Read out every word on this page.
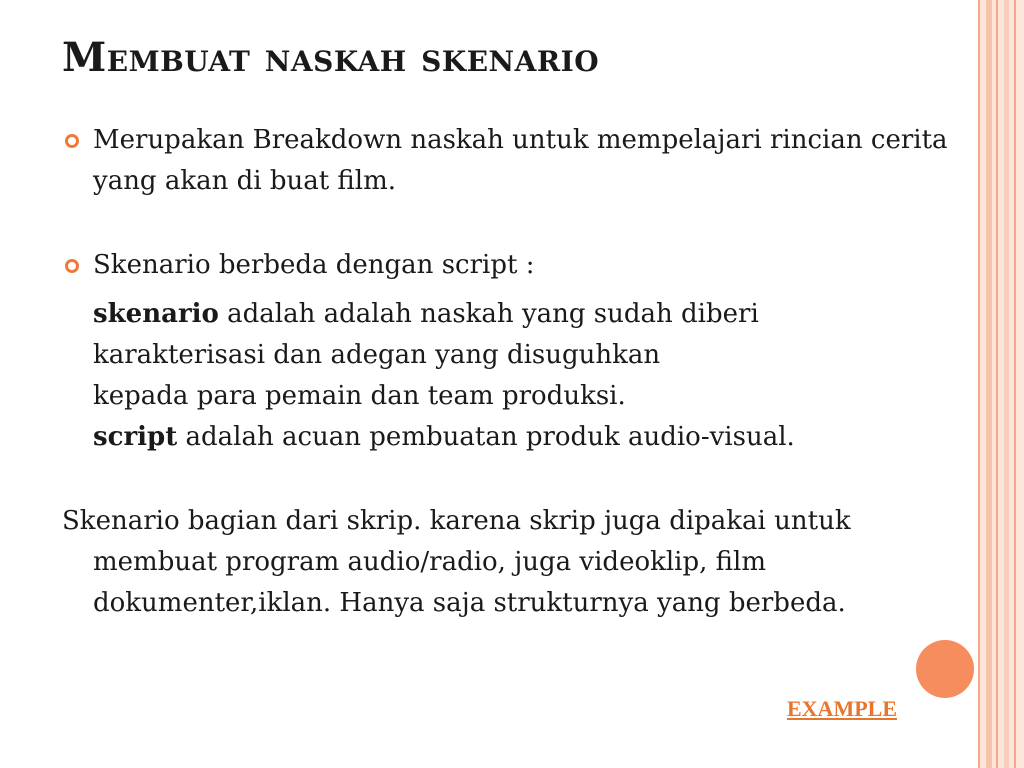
Membuat naskah skenario
Merupakan Breakdown naskah untuk mempelajari rincian cerita yang akan di buat film.
Skenario berbeda dengan script :
skenario adalah adalah naskah yang sudah diberi
karakterisasi dan adegan yang disuguhkan
kepada para pemain dan team produksi.
script adalah acuan pembuatan produk audio-visual.
Skenario bagian dari skrip. karena skrip juga dipakai untuk membuat program audio/radio, juga videoklip, film dokumenter,iklan. Hanya saja strukturnya yang berbeda.
EXAMPLE
